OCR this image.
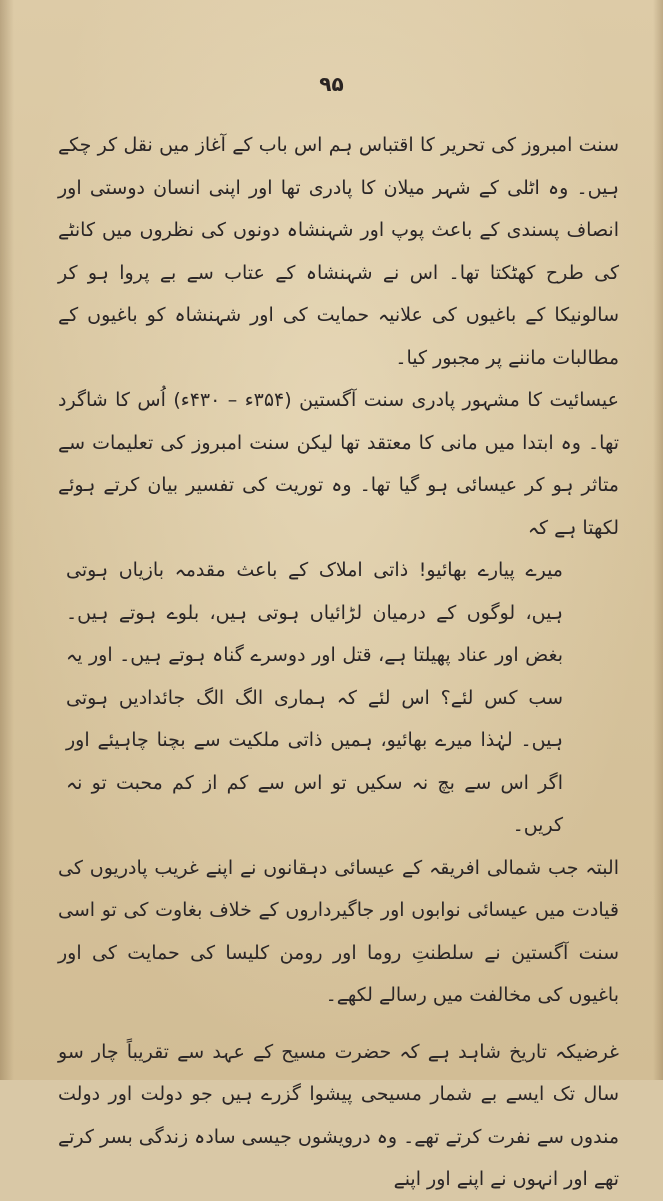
۹۵

سنت امبروز کی تحریر کا اقتباس ہم اس باب کے آغاز میں نقل کر چکے ہیں۔ وہ اٹلی کے شہر میلان کا پادری تھا اور اپنی انسان دوستی اور انصاف پسندی کے باعث پوپ اور شہنشاہ دونوں کی نظروں میں کانٹے کی طرح کھٹکتا تھا۔ اس نے شہنشاہ کے عتاب سے بے پروا ہو کر سالونیکا کے باغیوں کی علانیہ حمایت کی اور شہنشاہ کو باغیوں کے مطالبات ماننے پر مجبور کیا۔

عیسائیت کا مشہور پادری سنت آگستین (۳۵۴ء – ۴۳۰ء) اُس کا شاگرد تھا۔ وہ ابتدا میں مانی کا معتقد تھا لیکن سنت امبروز کی تعلیمات سے متاثر ہو کر عیسائی ہو گیا تھا۔ وہ توریت کی تفسیر بیان کرتے ہوئے لکھتا ہے کہ

میرے پیارے بھائیو! ذاتی املاک کے باعث مقدمہ بازیاں ہوتی ہیں، لوگوں کے درمیان لڑائیاں ہوتی ہیں، بلوے ہوتے ہیں۔ بغض اور عناد پھیلتا ہے، قتل اور دوسرے گناہ ہوتے ہیں۔ اور یہ سب کس لئے؟ اس لئے کہ ہماری الگ الگ جائدادیں ہوتی ہیں۔ لہٰذا میرے بھائیو، ہمیں ذاتی ملکیت سے بچنا چاہیئے اور اگر اس سے بچ نہ سکیں تو اس سے کم از کم محبت تو نہ کریں۔

البتہ جب شمالی افریقہ کے عیسائی دہقانوں نے اپنے غریب پادریوں کی قیادت میں عیسائی نوابوں اور جاگیرداروں کے خلاف بغاوت کی تو اسی سنت آگستین نے سلطنتِ روما اور رومن کلیسا کی حمایت کی اور باغیوں کی مخالفت میں رسالے لکھے۔

غرضیکہ تاریخ شاہد ہے کہ حضرت مسیح کے عہد سے تقریباً چار سو سال تک ایسے بے شمار مسیحی پیشوا گزرے ہیں جو دولت اور دولت مندوں سے نفرت کرتے تھے۔ وہ درویشوں جیسی سادہ زندگی بسر کرتے تھے اور انہوں نے اپنے اور اپنے
